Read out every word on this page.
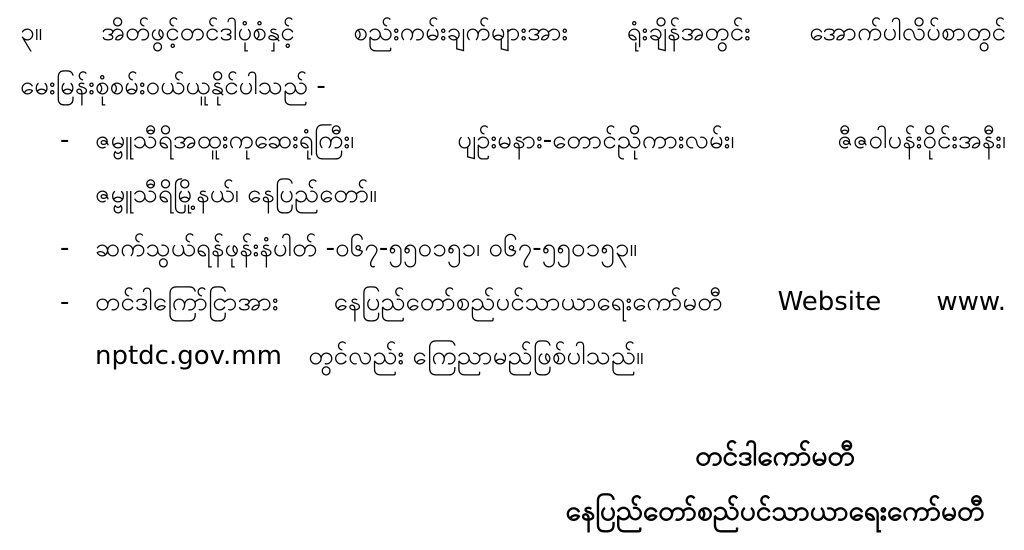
၃။ အိတ်ဖွင့်တင်ဒါပုံစံနှင့် စည်းကမ်းချက်များအား ရုံးချိန်အတွင်း အောက်ပါလိပ်စာတွင်
မေးမြန်းစုံစမ်းဝယ်ယူနိုင်ပါသည် -
- ဇမ္ဗူသီရိအထူးကုဆေးရုံကြီး၊	ပျဉ်းမနား-တောင်ညိုကားလမ်း၊	ဇီဇဝါပန်းဝိုင်းအနီး၊
ဇမ္ဗူသီရိမြို့နယ်၊ နေပြည်တော်။
- ဆက်သွယ်ရန်ဖုန်းနံပါတ် -၀၆၇-၅၅၀၁၅၁၊ ၀၆၇-၅၅၀၁၅၃။
- တင်ဒါကြော်ငြာအား နေပြည်တော်စည်ပင်သာယာရေးကော်မတီ Website www.
nptdc.gov.mm တွင်လည်း ကြေညာမည်ဖြစ်ပါသည်။
တင်ဒါကော်မတီ
နေပြည်တော်စည်ပင်သာယာရေးကော်မတီ
